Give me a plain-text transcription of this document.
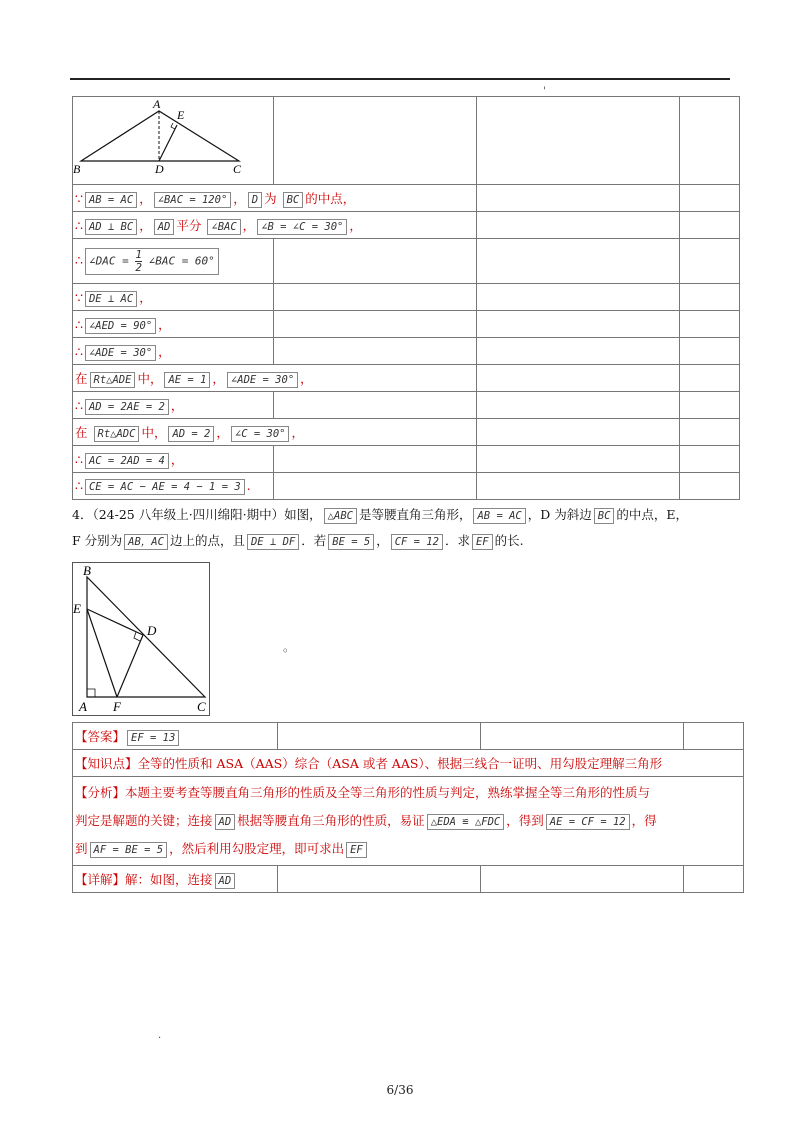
'
A
E
B D C			

∵ AB = AC ， ∠BAC = 120° ， D 为 BC 的中点，			
∴ AD ⊥ BC ， AD 平分 ∠BAC ， ∠B = ∠C = 30° ，			
∴ ∠DAC = $\frac{1}{2}$ ∠BAC = 60°			
∵ DE ⊥ AC ，			
∴ ∠AED = 90° ，			
∴ ∠ADE = 30° ，			
在 Rt△ADE 中， AE = 1 ， ∠ADE = 30° ，			
∴ AD = 2AE = 2 ，			
在 Rt△ADC 中， AD = 2 ， ∠C = 30° ，			
∴ AC = 2AD = 4 ，			
∴ CE = AC − AE = 4 − 1 = 3 .			
4．（24-25 八年级上·四川绵阳·期中）如图， △ABC 是等腰直角三角形， AB = AC ，D 为斜边 BC 的中点，E，
F 分别为 AB，AC 边上的点，且 DE ⊥ DF ．若 BE = 5 ， CF = 12 ．求 EF 的长.
B
E
D
A F	C
。
【答案】 EF = 13			
【知识点】全等的性质和 ASA（AAS）综合（ASA 或者 AAS）、根据三线合一证明、用勾股定理解三角形			

【分析】本题主要考查等腰直角三角形的性质及全等三角形的性质与判定，熟练掌握全等三角形的性质与
判定是解题的关键；连接 AD 根据等腰直角三角形的性质，易证 △EDA ≌ △FDC ，得到 AE = CF = 12 ，得
到 AF = BE = 5 ，然后利用勾股定理，即可求出 EF			

【详解】解：如图，连接 AD			
.
6/36
